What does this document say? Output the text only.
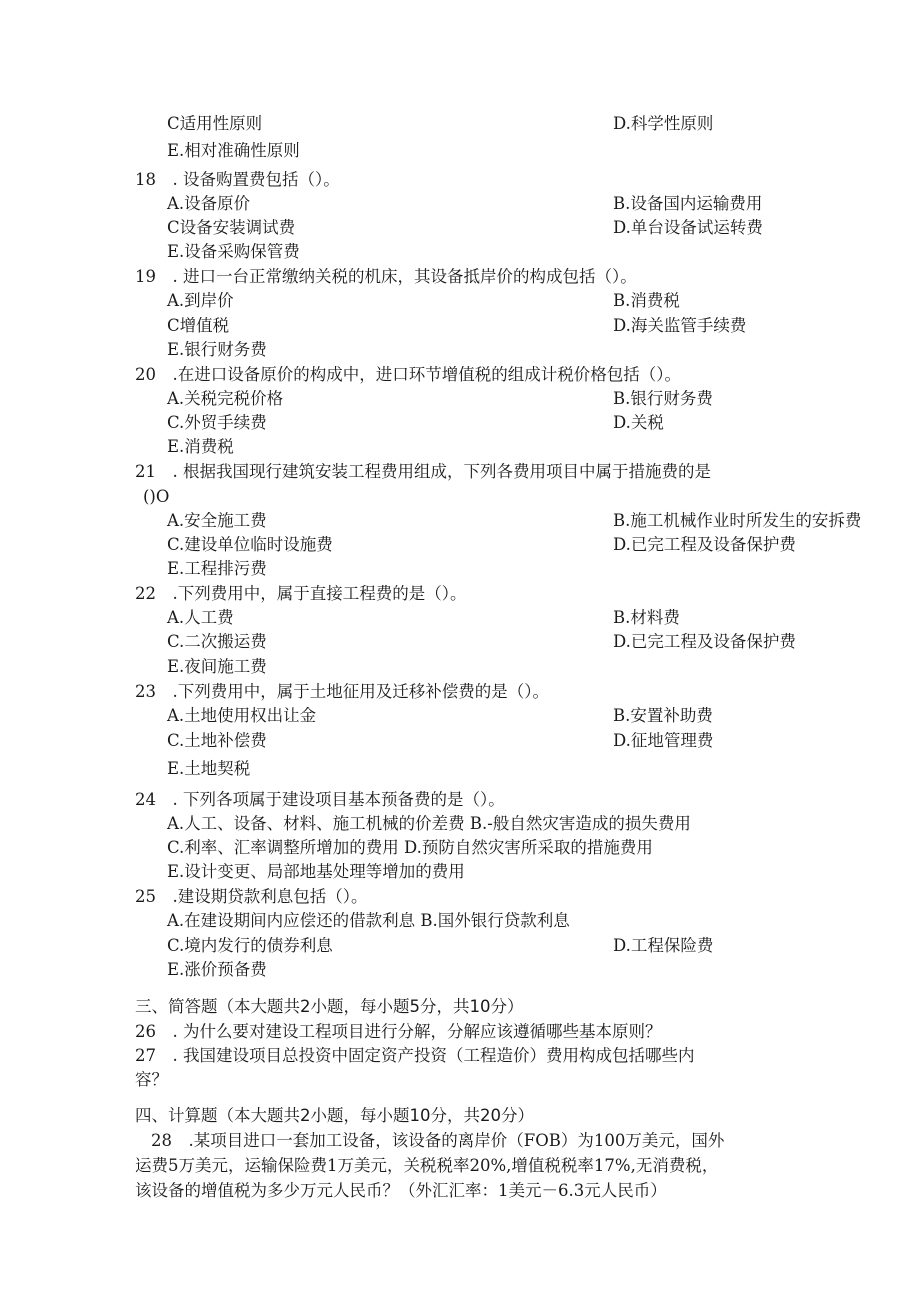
C适用性原则	D.科学性原则
E.相对准确性原则
18　. 设备购置费包括（）。
A.设备原价	B.设备国内运输费用
C设备安装调试费	D.单台设备试运转费
E.设备采购保管费
19　. 进口一台正常缴纳关税的机床，其设备抵岸价的构成包括（）。
A.到岸价	B.消费税
C增值税	D.海关监管手续费
E.银行财务费
20　.在进口设备原价的构成中，进口环节增值税的组成计税价格包括（）。
A.关税完税价格	B.银行财务费
C.外贸手续费	D.关税
E.消费税
21　. 根据我国现行建筑安装工程费用组成，下列各费用项目中属于措施费的是
()O
A.安全施工费	B.施工机械作业时所发生的安拆费
C.建设单位临时设施费	D.已完工程及设备保护费
E.工程排污费
22　.下列费用中，属于直接工程费的是（）。
A.人工费	B.材料费
C.二次搬运费	D.已完工程及设备保护费
E.夜间施工费
23　.下列费用中，属于土地征用及迁移补偿费的是（）。
A.土地使用权出让金	B.安置补助费
C.土地补偿费	D.征地管理费
E.土地契税
24　. 下列各项属于建设项目基本预备费的是（）。
A.人工、设备、材料、施工机械的价差费 B.-般自然灾害造成的损失费用
C.利率、汇率调整所增加的费用 D.预防自然灾害所采取的措施费用
E.设计变更、局部地基处理等增加的费用
25　.建设期贷款利息包括（）。
A.在建设期间内应偿还的借款利息 B.国外银行贷款利息
C.境内发行的债券利息	D.工程保险费
E.涨价预备费
三、简答题（本大题共2小题，每小题5分，共10分）
26　. 为什么要对建设工程项目进行分解，分解应该遵循哪些基本原则？
27　. 我国建设项目总投资中固定资产投资（工程造价）费用构成包括哪些内
容？
四、计算题（本大题共2小题，每小题10分，共20分）
28　.某项目进口一套加工设备，该设备的离岸价（FOB）为100万美元，国外
运费5万美元，运输保险费1万美元，关税税率20%,增值税税率17%,无消费税，
该设备的增值税为多少万元人民币？（外汇汇率：1美元－6.3元人民币）
